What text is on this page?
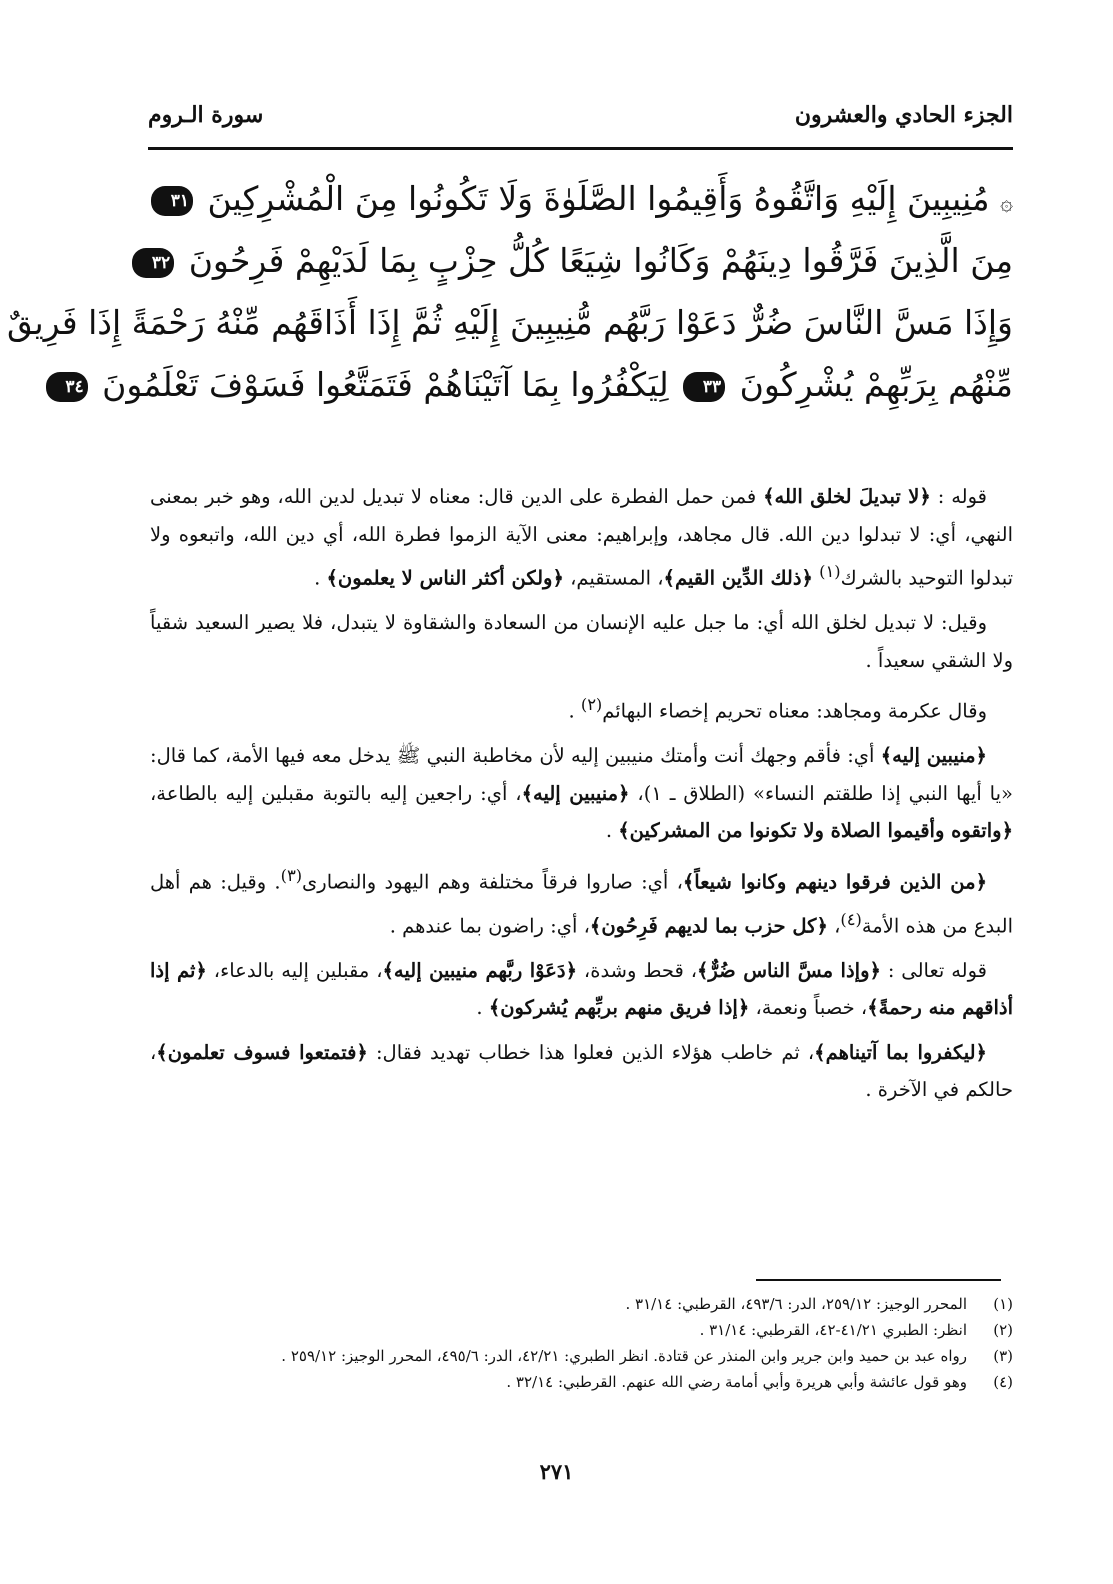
الجزء الحادي والعشرون
سورة الـروم
۞ مُنِيبِينَ إِلَيْهِ وَاتَّقُوهُ وَأَقِيمُوا الصَّلَوٰةَ وَلَا تَكُونُوا مِنَ الْمُشْرِكِينَ ٣١
مِنَ الَّذِينَ فَرَّقُوا دِينَهُمْ وَكَانُوا شِيَعًا كُلُّ حِزْبٍ بِمَا لَدَيْهِمْ فَرِحُونَ ٣٢
وَإِذَا مَسَّ النَّاسَ ضُرٌّ دَعَوْا رَبَّهُم مُّنِيبِينَ إِلَيْهِ ثُمَّ إِذَا أَذَاقَهُم مِّنْهُ رَحْمَةً إِذَا فَرِيقٌ
مِّنْهُم بِرَبِّهِمْ يُشْرِكُونَ ٣٣ لِيَكْفُرُوا بِمَا آتَيْنَاهُمْ فَتَمَتَّعُوا فَسَوْفَ تَعْلَمُونَ ٣٤

قوله : ﴿لا تبديلَ لخلق الله﴾ فمن حمل الفطرة على الدين قال: معناه لا تبديل لدين الله، وهو خبر بمعنى النهي، أي: لا تبدلوا دين الله. قال مجاهد، وإبراهيم: معنى الآية الزموا فطرة الله، أي دين الله، واتبعوه ولا تبدلوا التوحيد بالشرك$^{(١)}$ ﴿ذلك الدِّين القيم﴾، المستقيم، ﴿ولكن أكثر الناس لا يعلمون﴾ .

وقيل: لا تبديل لخلق الله أي: ما جبل عليه الإنسان من السعادة والشقاوة لا يتبدل، فلا يصير السعيد شقياً ولا الشقي سعيداً .

وقال عكرمة ومجاهد: معناه تحريم إخصاء البهائم$^{(٢)}$ .

﴿منيبين إليه﴾ أي: فأقم وجهك أنت وأمتك منيبين إليه لأن مخاطبة النبي ﷺ يدخل معه فيها الأمة، كما قال: «يا أيها النبي إذا طلقتم النساء» (الطلاق ـ ١)، ﴿منيبين إليه﴾، أي: راجعين إليه بالتوبة مقبلين إليه بالطاعة، ﴿واتقوه وأقيموا الصلاة ولا تكونوا من المشركين﴾ .

﴿من الذين فرقوا دينهم وكانوا شيعاً﴾، أي: صاروا فرقاً مختلفة وهم اليهود والنصارى$^{(٣)}$. وقيل: هم أهل البدع من هذه الأمة$^{(٤)}$، ﴿كل حزب بما لديهم فَرِحُون﴾، أي: راضون بما عندهم .

قوله تعالى : ﴿وإذا مسَّ الناس ضُرٌّ﴾، قحط وشدة، ﴿دَعَوْا ربَّهم منيبين إليه﴾، مقبلين إليه بالدعاء، ﴿ثم إذا أذاقهم منه رحمةً﴾، خصباً ونعمة، ﴿إذا فريق منهم بربِّهم يُشركون﴾ .

﴿ليكفروا بما آتيناهم﴾، ثم خاطب هؤلاء الذين فعلوا هذا خطاب تهديد فقال: ﴿فتمتعوا فسوف تعلمون﴾، حالكم في الآخرة .

(١)
المحرر الوجيز: ٢٥٩/١٢، الدر: ٤٩٣/٦، القرطبي: ٣١/١٤ .
(٢)
انظر: الطبري ٤١/٢١-٤٢، القرطبي: ٣١/١٤ .
(٣)
رواه عبد بن حميد وابن جرير وابن المنذر عن قتادة. انظر الطبري: ٤٢/٢١، الدر: ٤٩٥/٦، المحرر الوجيز: ٢٥٩/١٢ .
(٤)
وهو قول عائشة وأبي هريرة وأبي أمامة رضي الله عنهم. القرطبي: ٣٢/١٤ .
٢٧١
